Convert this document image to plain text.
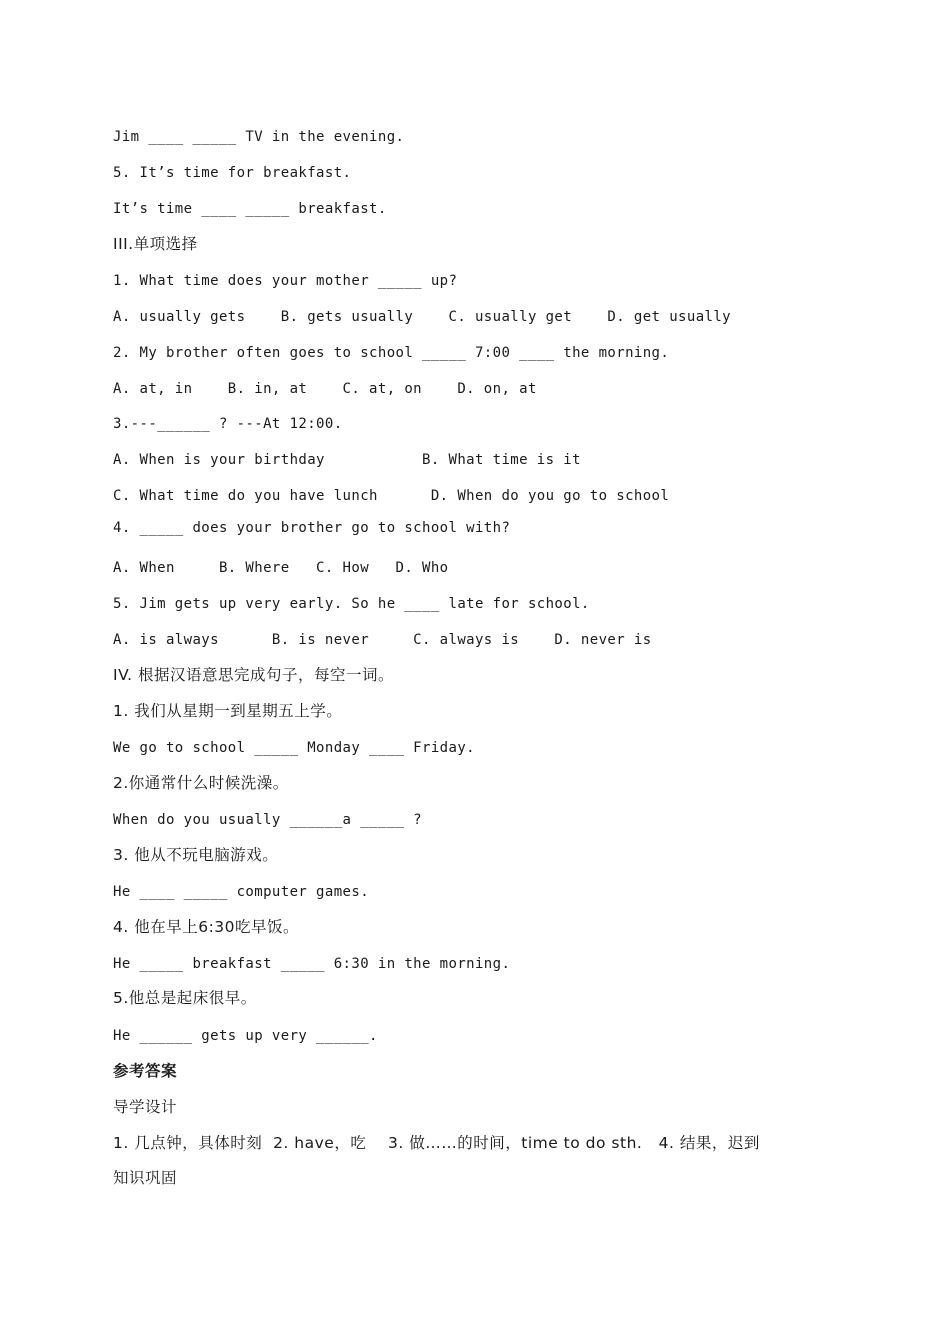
Jim ____ _____ TV in the evening.
5. It’s time for breakfast.
It’s time ____ _____ breakfast.
III.单项选择
1. What time does your mother _____ up?
A. usually gets    B. gets usually    C. usually get    D. get usually
2. My brother often goes to school _____ 7:00 ____ the morning.
A. at, in    B. in, at    C. at, on    D. on, at
3.---______ ? ---At 12:00.
A. When is your birthday           B. What time is it
C. What time do you have lunch      D. When do you go to school
4. _____ does your brother go to school with?
A. When     B. Where   C. How   D. Who
5. Jim gets up very early. So he ____ late for school.
A. is always      B. is never     C. always is    D. never is
IV. 根据汉语意思完成句子，每空一词。
1. 我们从星期一到星期五上学。
We go to school _____ Monday ____ Friday.
2.你通常什么时候洗澡。
When do you usually ______a _____ ?
3. 他从不玩电脑游戏。
He ____ _____ computer games.
4. 他在早上6:30吃早饭。
He _____ breakfast _____ 6:30 in the morning.
5.他总是起床很早。
He ______ gets up very ______.
参考答案
导学设计
1. 几点钟，具体时刻  2. have，吃    3. 做……的时间，time to do sth.   4. 结果，迟到
知识巩固
